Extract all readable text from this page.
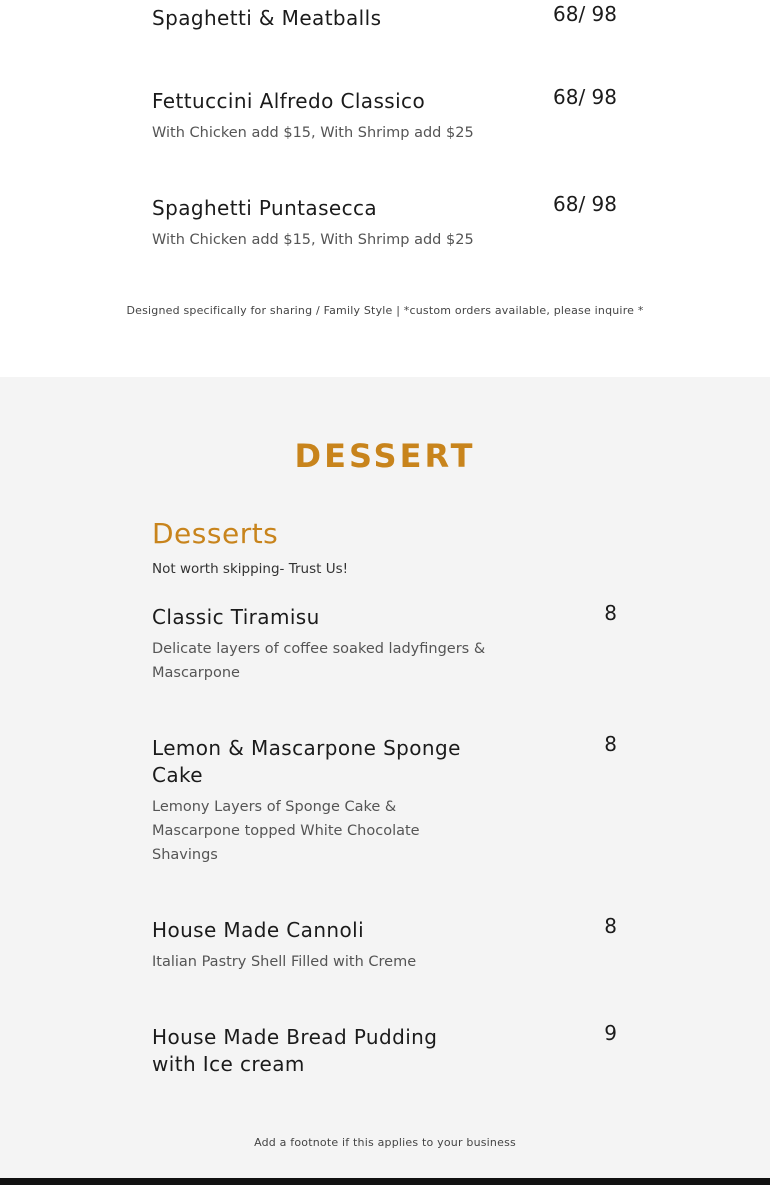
Spaghetti & Meatballs	68/ 98
Fettuccini Alfredo Classico	68/ 98
With Chicken add $15, With Shrimp add $25
Spaghetti Puntasecca	68/ 98
With Chicken add $15, With Shrimp add $25
Designed specifically for sharing / Family Style | *custom orders available, please inquire *
DESSERT
Desserts
Not worth skipping- Trust Us!
Classic Tiramisu	8
Delicate layers of coffee soaked ladyfingers & Mascarpone
Lemon & Mascarpone Sponge Cake
8
Lemony Layers of Sponge Cake & Mascarpone topped White Chocolate Shavings
House Made Cannoli	8
Italian Pastry Shell Filled with Creme
House Made Bread Pudding with Ice cream
9
Add a footnote if this applies to your business
